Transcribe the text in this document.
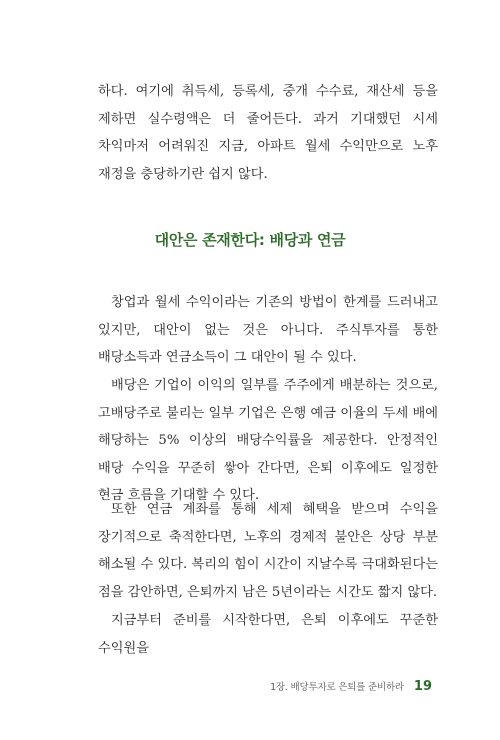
하다. 여기에 취득세, 등록세, 중개 수수료, 재산세 등을 제하면 실수령액은 더 줄어든다. 과거 기대했던 시세 차익마저 어려워진 지금, 아파트 월세 수익만으로 노후 재정을 충당하기란 쉽지 않다.

대안은 존재한다: 배당과 연금

창업과 월세 수익이라는 기존의 방법이 한계를 드러내고 있지만, 대안이 없는 것은 아니다. 주식투자를 통한 배당소득과 연금소득이 그 대안이 될 수 있다.

배당은 기업이 이익의 일부를 주주에게 배분하는 것으로, 고배당주로 불리는 일부 기업은 은행 예금 이율의 두세 배에 해당하는 5% 이상의 배당수익률을 제공한다. 안정적인 배당 수익을 꾸준히 쌓아 간다면, 은퇴 이후에도 일정한 현금 흐름을 기대할 수 있다.

또한 연금 계좌를 통해 세제 혜택을 받으며 수익을 장기적으로 축적한다면, 노후의 경제적 불안은 상당 부분 해소될 수 있다. 복리의 힘이 시간이 지날수록 극대화된다는 점을 감안하면, 은퇴까지 남은 5년이라는 시간도 짧지 않다.

지금부터 준비를 시작한다면, 은퇴 이후에도 꾸준한 수익원을

1장. 배당투자로 은퇴를 준비하라 19
